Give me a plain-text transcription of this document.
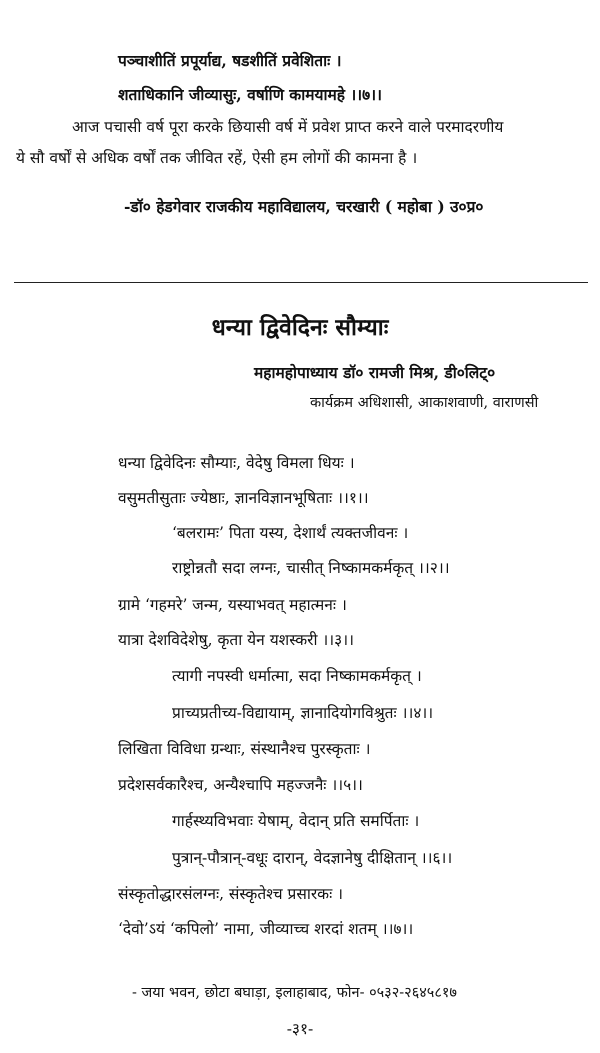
पञ्चाशीतिं प्रपूर्याद्य, षडशीतिं प्रवेशिताः ।
शताधिकानि जीव्यासुः, वर्षाणि कामयामहे ।।७।।
आज पचासी वर्ष पूरा करके छियासी वर्ष में प्रवेश प्राप्त करने वाले परमादरणीय
ये सौ वर्षों से अधिक वर्षों तक जीवित रहें, ऐसी हम लोगों की कामना है ।
-डॉ० हेडगेवार राजकीय महाविद्यालय, चरखारी ( महोबा ) उ०प्र०
धन्या द्विवेदिनः सौम्याः
महामहोपाध्याय डॉ० रामजी मिश्र, डी०लिट्०
कार्यक्रम अधिशासी, आकाशवाणी, वाराणसी
धन्या द्विवेदिनः सौम्याः, वेदेषु विमला धियः ।
वसुमतीसुताः ज्येष्ठाः, ज्ञानविज्ञानभूषिताः ।।१।।
‘बलरामः’ पिता यस्य, देशार्थं त्यक्तजीवनः ।
राष्ट्रोन्नतौ सदा लग्नः, चासीत् निष्कामकर्मकृत् ।।२।।
ग्रामे ‘गहमरे’ जन्म, यस्याभवत् महात्मनः ।
यात्रा देशविदेशेषु, कृता येन यशस्करी ।।३।।
त्यागी नपस्वी धर्मात्मा, सदा निष्कामकर्मकृत् ।
प्राच्यप्रतीच्य-विद्यायाम्, ज्ञानादियोगविश्रुतः ।।४।।
लिखिता विविधा ग्रन्थाः, संस्थानैश्च पुरस्कृताः ।
प्रदेशसर्वकारैश्च, अन्यैश्चापि महज्जनैः ।।५।।
गार्हस्थ्यविभवाः येषाम्, वेदान् प्रति समर्पिताः ।
पुत्रान्-पौत्रान्-वधूः दारान्, वेदज्ञानेषु दीक्षितान् ।।६।।
संस्कृतोद्धारसंलग्नः, संस्कृतेश्च प्रसारकः ।
‘देवो’ऽयं ‘कपिलो’ नामा, जीव्याच्च शरदां शतम् ।।७।।
- जया भवन, छोटा बघाड़ा, इलाहाबाद, फोन- ०५३२-२६४५८१७
-३१-
